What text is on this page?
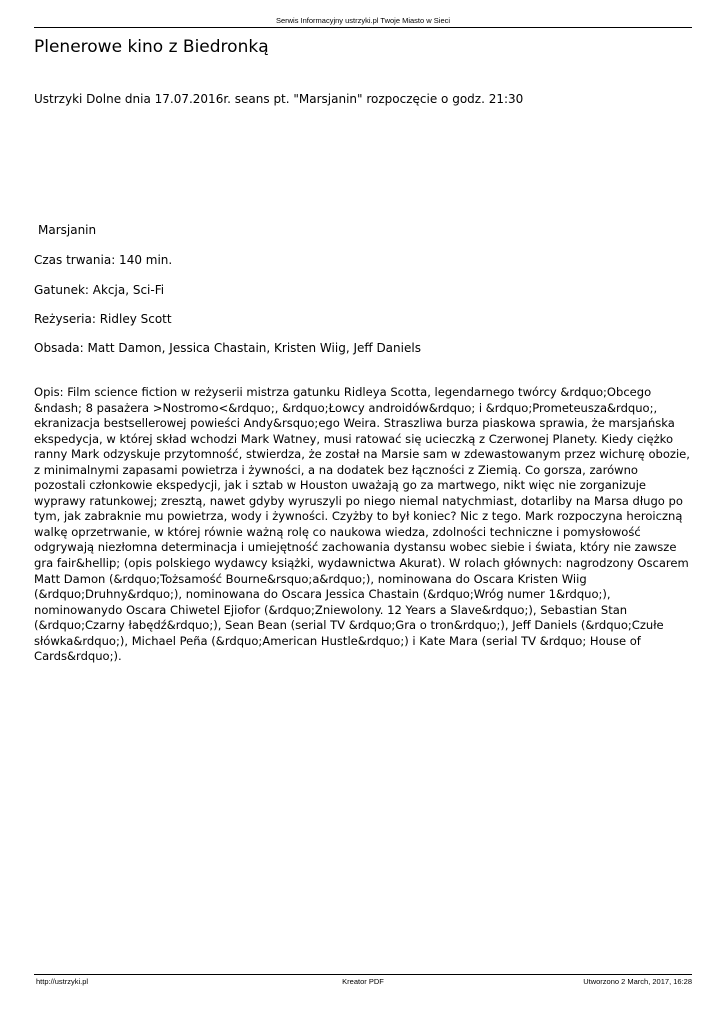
Serwis Informacyjny ustrzyki.pl Twoje Miasto w Sieci
Plenerowe kino z Biedronką

Ustrzyki Dolne dnia 17.07.2016r. seans pt. "Marsjanin" rozpoczęcie o godz. 21:30

Marsjanin

Czas trwania: 140 min.

Gatunek: Akcja, Sci-Fi

Reżyseria: Ridley Scott

Obsada: Matt Damon, Jessica Chastain, Kristen Wiig, Jeff Daniels

Opis: Film science fiction w reżyserii mistrza gatunku Ridleya Scotta, legendarnego twórcy &rdquo;Obcego &ndash; 8 pasażera >Nostromo<&rdquo;, &rdquo;Łowcy androidów&rdquo; i &rdquo;Prometeusza&rdquo;, ekranizacja bestsellerowej powieści Andy&rsquo;ego Weira. Straszliwa burza piaskowa sprawia, że marsjańska ekspedycja, w której skład wchodzi Mark Watney, musi ratować się ucieczką z Czerwonej Planety. Kiedy ciężko ranny Mark odzyskuje przytomność, stwierdza, że został na Marsie sam w zdewastowanym przez wichurę obozie, z minimalnymi zapasami powietrza i żywności, a na dodatek bez łączności z Ziemią. Co gorsza, zarówno pozostali członkowie ekspedycji, jak i sztab w Houston uważają go za martwego, nikt więc nie zorganizuje wyprawy ratunkowej; zresztą, nawet gdyby wyruszyli po niego niemal natychmiast, dotarliby na Marsa długo po tym, jak zabraknie mu powietrza, wody i żywności. Czyżby to był koniec? Nic z tego. Mark rozpoczyna heroiczną walkę oprzetrwanie, w której równie ważną rolę co naukowa wiedza, zdolności techniczne i pomysłowość odgrywają niezłomna determinacja i umiejętność zachowania dystansu wobec siebie i świata, który nie zawsze gra fair&hellip; (opis polskiego wydawcy książki, wydawnictwa Akurat). W rolach głównych: nagrodzony Oscarem Matt Damon (&rdquo;Tożsamość Bourne&rsquo;a&rdquo;), nominowana do Oscara Kristen Wiig (&rdquo;Druhny&rdquo;), nominowana do Oscara Jessica Chastain (&rdquo;Wróg numer 1&rdquo;), nominowanydo Oscara Chiwetel Ejiofor (&rdquo;Zniewolony. 12 Years a Slave&rdquo;), Sebastian Stan (&rdquo;Czarny łabędź&rdquo;), Sean Bean (serial TV &rdquo;Gra o tron&rdquo;), Jeff Daniels (&rdquo;Czułe słówka&rdquo;), Michael Peña (&rdquo;American Hustle&rdquo;) i Kate Mara (serial TV &rdquo; House of Cards&rdquo;).

http://ustrzyki.pl	Kreator PDF	Utworzono 2 March, 2017, 16:28
